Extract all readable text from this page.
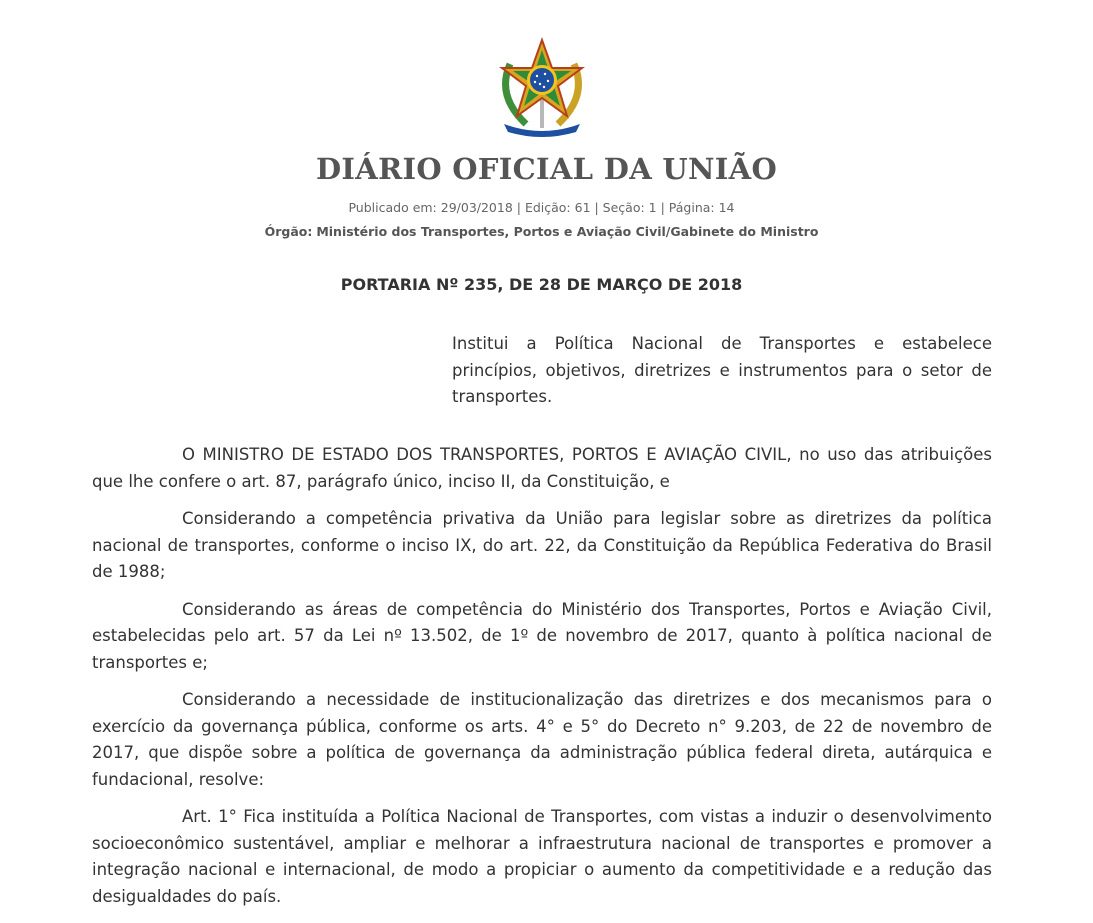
DIÁRIO OFICIAL DA UNIÃO
Publicado em: 29/03/2018 | Edição: 61 | Seção: 1 | Página: 14
Órgão: Ministério dos Transportes, Portos e Aviação Civil/Gabinete do Ministro
PORTARIA Nº 235, DE 28 DE MARÇO DE 2018
Institui a Política Nacional de Transportes e estabelece princípios, objetivos, diretrizes e instrumentos para o setor de transportes.

O MINISTRO DE ESTADO DOS TRANSPORTES, PORTOS E AVIAÇÃO CIVIL, no uso das atribuições que lhe confere o art. 87, parágrafo único, inciso II, da Constituição, e

Considerando a competência privativa da União para legislar sobre as diretrizes da política nacional de transportes, conforme o inciso IX, do art. 22, da Constituição da República Federativa do Brasil de 1988;

Considerando as áreas de competência do Ministério dos Transportes, Portos e Aviação Civil, estabelecidas pelo art. 57 da Lei nº 13.502, de 1º de novembro de 2017, quanto à política nacional de transportes e;

Considerando a necessidade de institucionalização das diretrizes e dos mecanismos para o exercício da governança pública, conforme os arts. 4° e 5° do Decreto n° 9.203, de 22 de novembro de 2017, que dispõe sobre a política de governança da administração pública federal direta, autárquica e fundacional, resolve:

Art. 1° Fica instituída a Política Nacional de Transportes, com vistas a induzir o desenvolvimento socioeconômico sustentável, ampliar e melhorar a infraestrutura nacional de transportes e promover a integração nacional e internacional, de modo a propiciar o aumento da competitividade e a redução das desigualdades do país.
